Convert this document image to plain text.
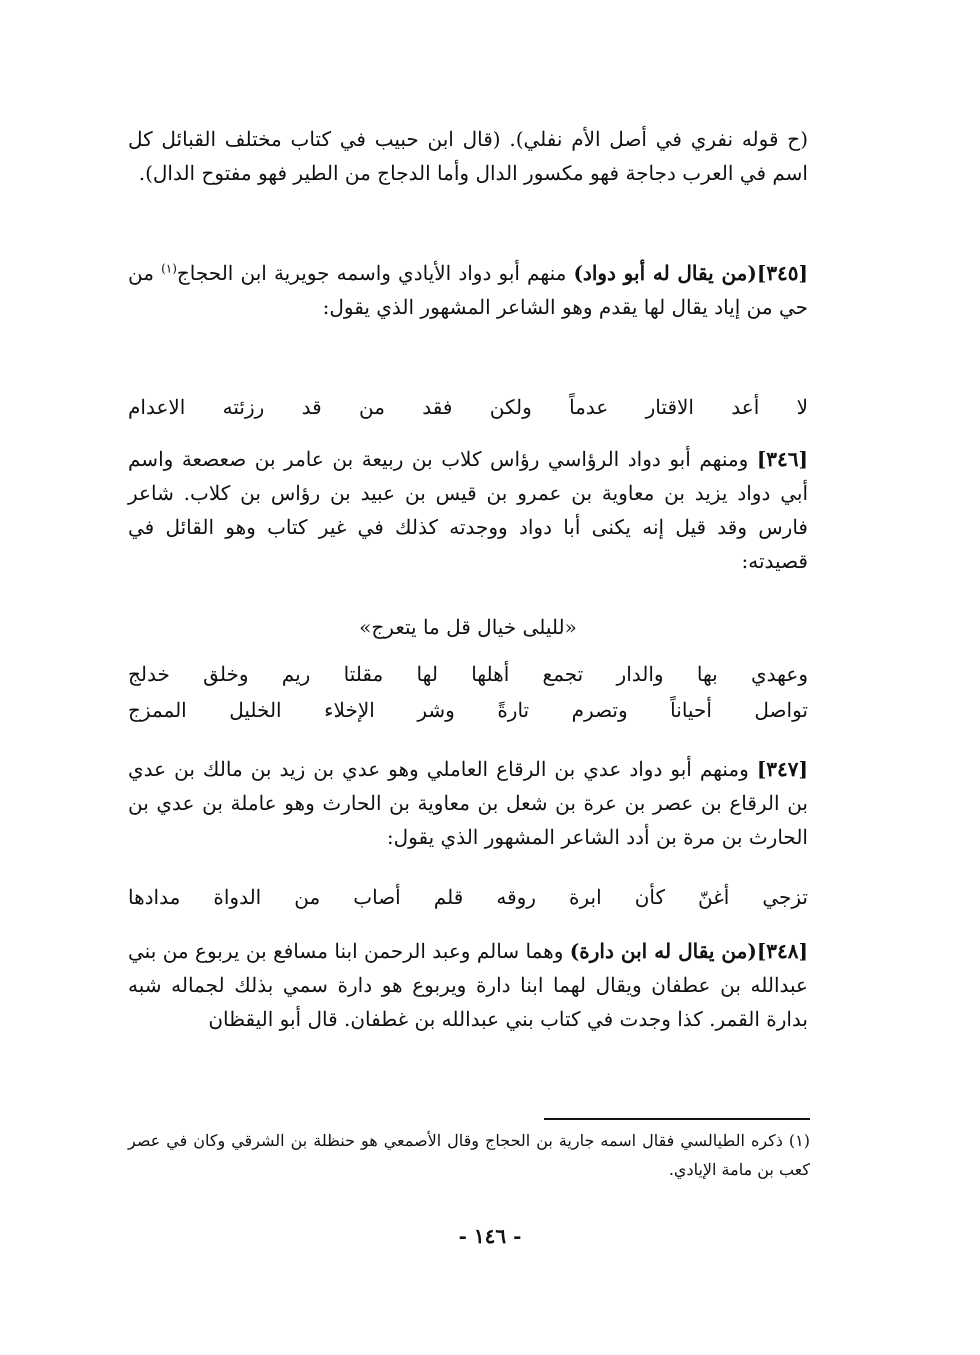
(ح قوله نفري في أصل الأم نفلي). (قال ابن حبيب في كتاب مختلف القبائل كل اسم في العرب دجاجة فهو مكسور الدال وأما الدجاج من الطير فهو مفتوح الدال).

[٣٤٥](من يقال له أبو دواد) منهم أبو دواد الأيادي واسمه جويرية ابن الحجاج$^{(١)}$ من حي من إياد يقال لها يقدم وهو الشاعر المشهور الذي يقول:

لا أعد الاقتار عدماً ولكن فقد من قد رزئته الاعدام

[٣٤٦] ومنهم أبو دواد الرؤاسي رؤاس كلاب بن ربيعة بن عامر بن صعصعة واسم أبي دواد يزيد بن معاوية بن عمرو بن قيس بن عبيد بن رؤاس بن كلاب. شاعر فارس وقد قيل إنه يكنى أبا دواد ووجدته كذلك في غير كتاب وهو القائل في قصيدته:

«لليلى خيال قل ما يتعرج»
وعهدي بها والدار تجمع أهلها لها مقلتا ريم وخلق خدلج
تواصل أحياناً وتصرم تارةً وشر الإخلاء الخليل الممزج

[٣٤٧] ومنهم أبو دواد عدي بن الرقاع العاملي وهو عدي بن زيد بن مالك بن عدي بن الرقاع بن عصر بن عرة بن شعل بن معاوية بن الحارث وهو عاملة بن عدي بن الحارث بن مرة بن أدد الشاعر المشهور الذي يقول:

تزجي أغنّ كأن ابرة روقه قلم أصاب من الدواة مدادها

[٣٤٨](من يقال له ابن دارة) وهما سالم وعبد الرحمن ابنا مسافع بن يربوع من بني عبدالله بن عطفان ويقال لهما ابنا دارة ويربوع هو دارة سمي بذلك لجماله شبه بدارة القمر. كذا وجدت في كتاب بني عبدالله بن غطفان. قال أبو اليقظان

(١) ذكره الطيالسي فقال اسمه جارية بن الحجاج وقال الأصمعي هو حنظلة بن الشرقي وكان في عصر كعب بن مامة الإيادي.

- ١٤٦ -
